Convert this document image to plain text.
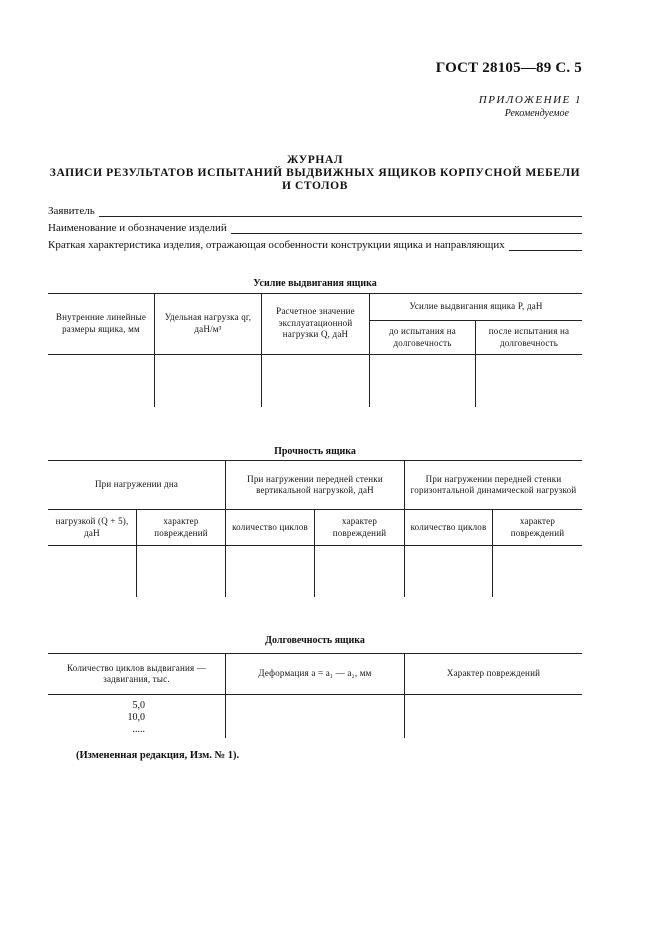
ГОСТ 28105—89 С. 5
ПРИЛОЖЕНИЕ 1
Рекомендуемое
ЖУРНАЛ
ЗАПИСИ РЕЗУЛЬТАТОВ ИСПЫТАНИЙ ВЫДВИЖНЫХ ЯЩИКОВ КОРПУСНОЙ МЕБЕЛИ
И СТОЛОВ
Заявитель
Наименование и обозначение изделий
Краткая характеристика изделия, отражающая особенности конструкции ящика и направляющих
Усилие выдвигания ящика
Внутренние линейные размеры ящика, мм
Удельная нагрузка qг, даН/м³
Расчетное значение эксплуатационной нагрузки Q, даН
Усилие выдвигания ящика P, даН
до испытания на долговечность
после испытания на долговечность
Прочность ящика
При нагружении дна
При нагружении передней стенки вертикальной нагрузкой, даН
При нагружении передней стенки горизонтальной динамической нагрузкой
нагрузкой (Q + 5), даН
характер повреждений
количество циклов
характер повреждений
количество циклов
характер повреждений
Долговечность ящика
Количество циклов выдвигания — задвигания, тыс.
Деформация a = a₁ — a₂, мм	Характер повреждений
5,0
10,0
.....
(Измененная редакция, Изм. № 1).
